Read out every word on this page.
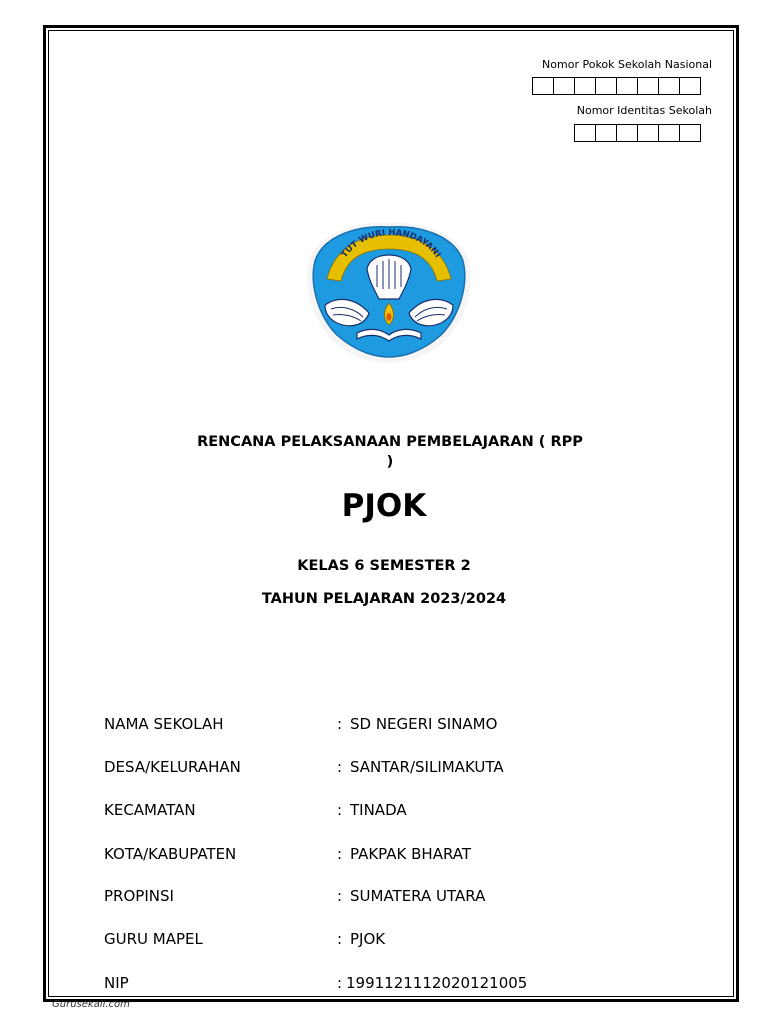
Nomor Pokok Sekolah Nasional
Nomor Identitas Sekolah
TUT WURI HANDAYANI
RENCANA PELAKSANAAN PEMBELAJARAN ( RPP
)
PJOK
KELAS 6 SEMESTER 2
TAHUN PELAJARAN 2023/2024
NAMA SEKOLAH	: SD NEGERI SINAMO
DESA/KELURAHAN	: SANTAR/SILIMAKUTA
KECAMATAN	: TINADA
KOTA/KABUPATEN	: PAKPAK BHARAT
PROPINSI	: SUMATERA UTARA
GURU MAPEL	: PJOK
NIP	: 199112111202012100‌5
Gurusekali.com
